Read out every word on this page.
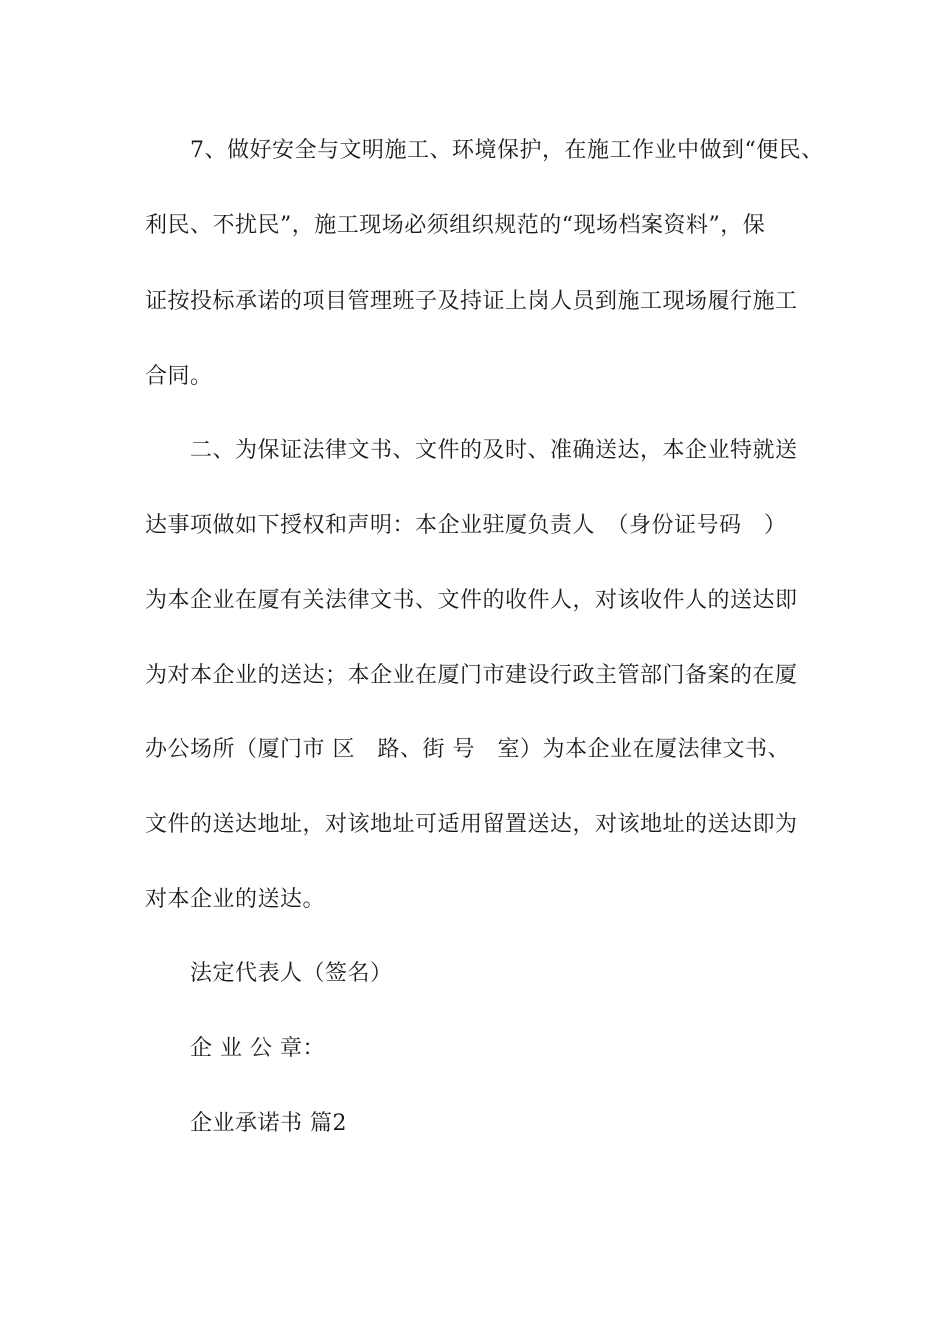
7、做好安全与文明施工、环境保护，在施工作业中做到“便民、
利民、不扰民”，施工现场必须组织规范的“现场档案资料”，保
证按投标承诺的项目管理班子及持证上岗人员到施工现场履行施工
合同。
二、为保证法律文书、文件的及时、准确送达，本企业特就送
达事项做如下授权和声明：本企业驻厦负责人　（身份证号码　）
为本企业在厦有关法律文书、文件的收件人，对该收件人的送达即
为对本企业的送达；本企业在厦门市建设行政主管部门备案的在厦
办公场所（厦门市 区　路、街 号　室）为本企业在厦法律文书、
文件的送达地址，对该地址可适用留置送达，对该地址的送达即为
对本企业的送达。
法定代表人（签名）
企 业 公 章：
企业承诺书 篇2
